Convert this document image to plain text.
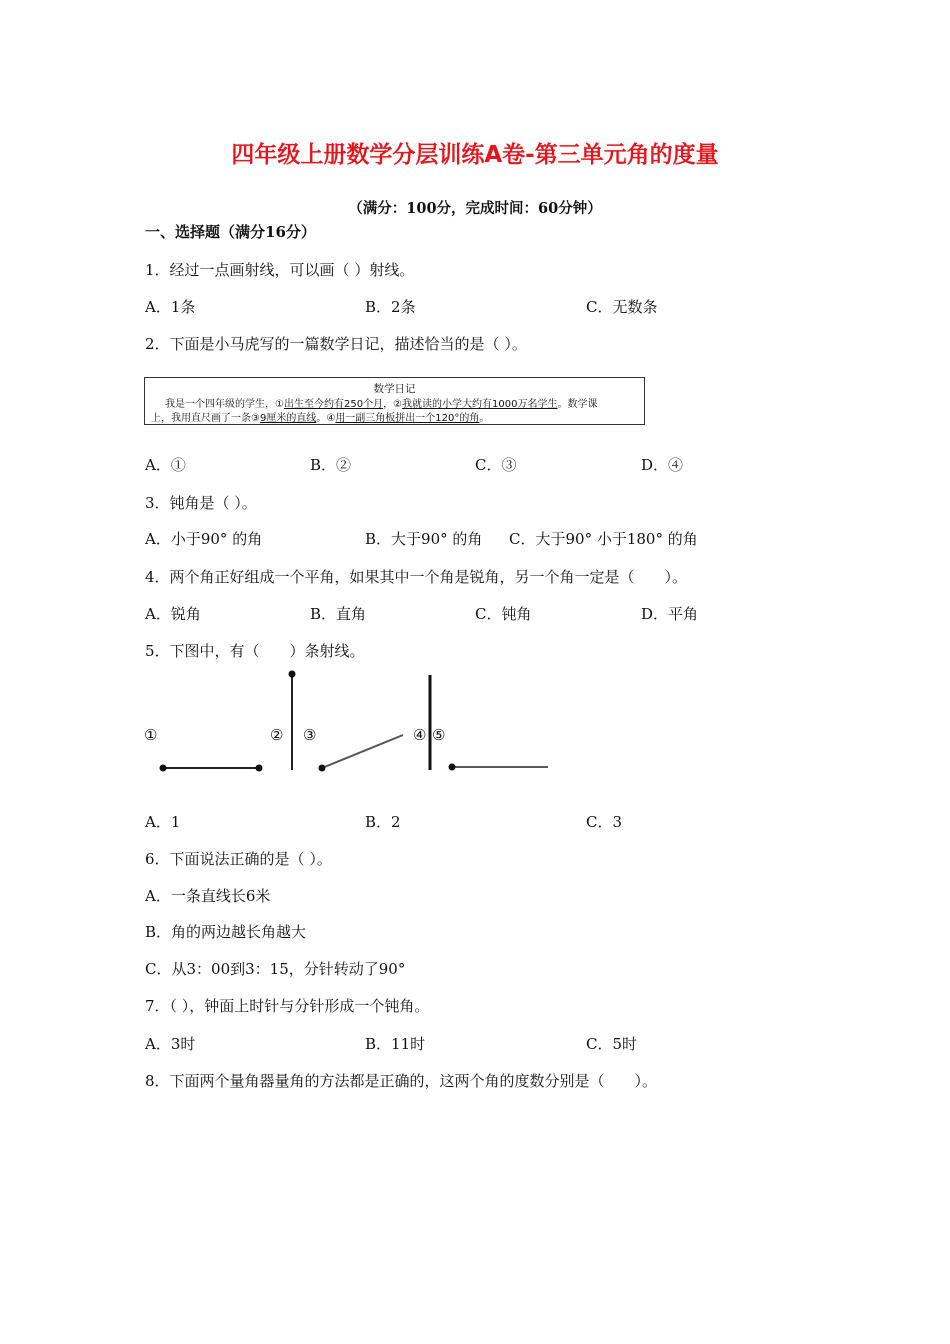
四年级上册数学分层训练A卷-第三单元角的度量
（满分：100分，完成时间：60分钟）
一、选择题（满分16分）
1．经过一点画射线，可以画（ ）射线。
A．1条	B．2条	C．无数条
2．下面是小马虎写的一篇数学日记，描述恰当的是（ ）。
数学日记
我是一个四年级的学生，①出生至今约有250个月，②我就读的小学大约有1000万名学生。数学课
上，我用直尺画了一条③9厘米的直线。④用一副三角板拼出一个120°的角。
A．①	B．②	C．③	D．④
3．钝角是（ ）。
A．小于90° 的角	B．大于90° 的角 C．大于90° 小于180° 的角
4．两个角正好组成一个平角，如果其中一个角是锐角，另一个角一定是（　　）。
A．锐角	B．直角	C．钝角	D．平角
5．下图中，有（　　）条射线。
①	② ③	④ ⑤
A．1	B．2	C．3
6．下面说法正确的是（ ）。
A．一条直线长6米
B．角的两边越长角越大
C．从3：00到3：15，分针转动了90°
7．（ ），钟面上时针与分针形成一个钝角。
A．3时	B．11时	C．5时
8．下面两个量角器量角的方法都是正确的，这两个角的度数分别是（　　）。
